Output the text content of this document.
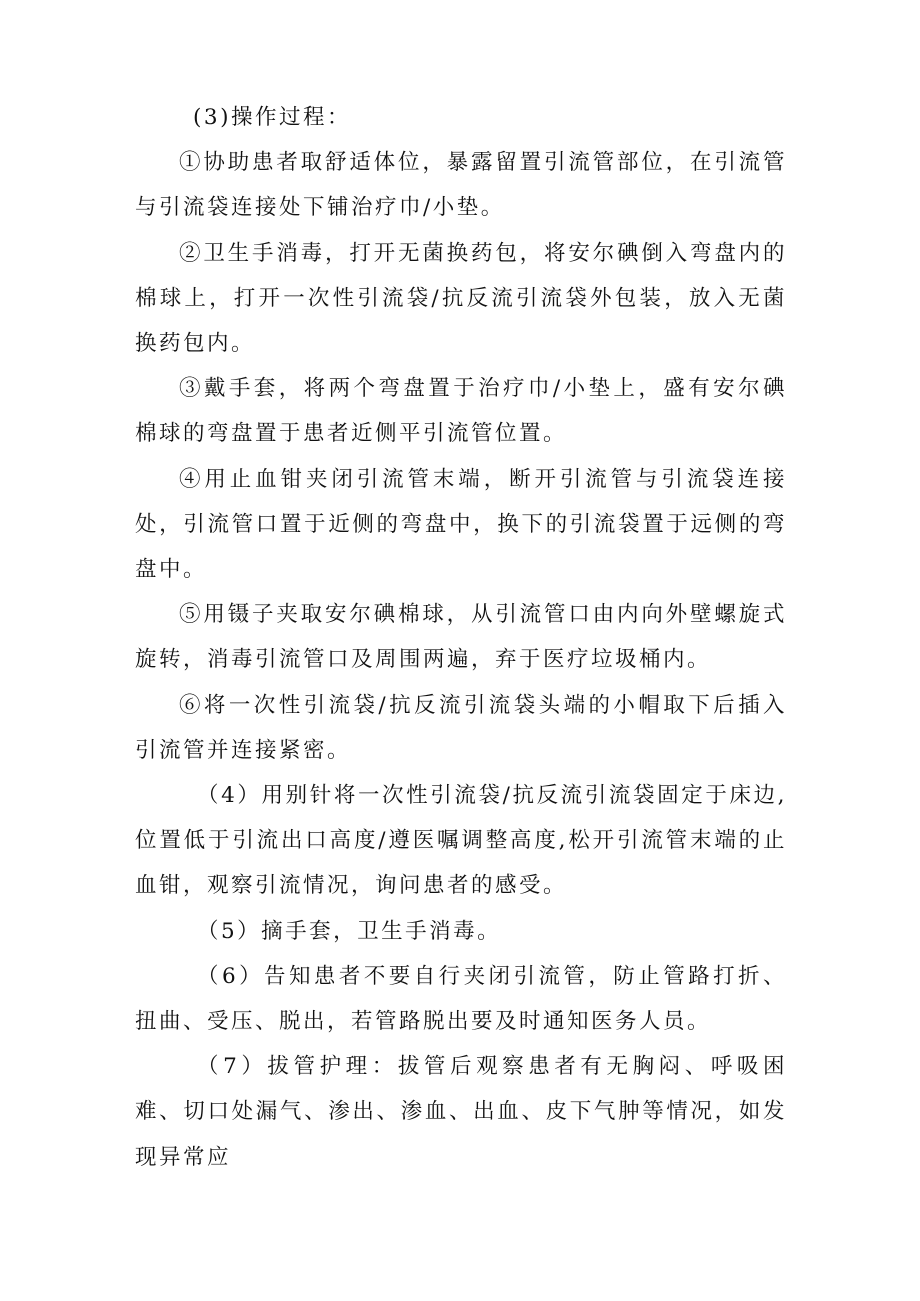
(3)操作过程：

①协助患者取舒适体位，暴露留置引流管部位，在引流管与引流袋连接处下铺治疗巾/小垫。

②卫生手消毒，打开无菌换药包，将安尔碘倒入弯盘内的棉球上，打开一次性引流袋/抗反流引流袋外包装，放入无菌换药包内。

③戴手套，将两个弯盘置于治疗巾/小垫上，盛有安尔碘棉球的弯盘置于患者近侧平引流管位置。

④用止血钳夹闭引流管末端，断开引流管与引流袋连接处，引流管口置于近侧的弯盘中，换下的引流袋置于远侧的弯盘中。

⑤用镊子夹取安尔碘棉球，从引流管口由内向外壁螺旋式旋转，消毒引流管口及周围两遍，弃于医疗垃圾桶内。

⑥将一次性引流袋/抗反流引流袋头端的小帽取下后插入引流管并连接紧密。

（4）用别针将一次性引流袋/抗反流引流袋固定于床边,位置低于引流出口高度/遵医嘱调整高度,松开引流管末端的止血钳，观察引流情况，询问患者的感受。

（5）摘手套，卫生手消毒。

（6）告知患者不要自行夹闭引流管，防止管路打折、扭曲、受压、脱出，若管路脱出要及时通知医务人员。

（7）拔管护理：拔管后观察患者有无胸闷、呼吸困难、切口处漏气、渗出、渗血、出血、皮下气肿等情况，如发现异常应
